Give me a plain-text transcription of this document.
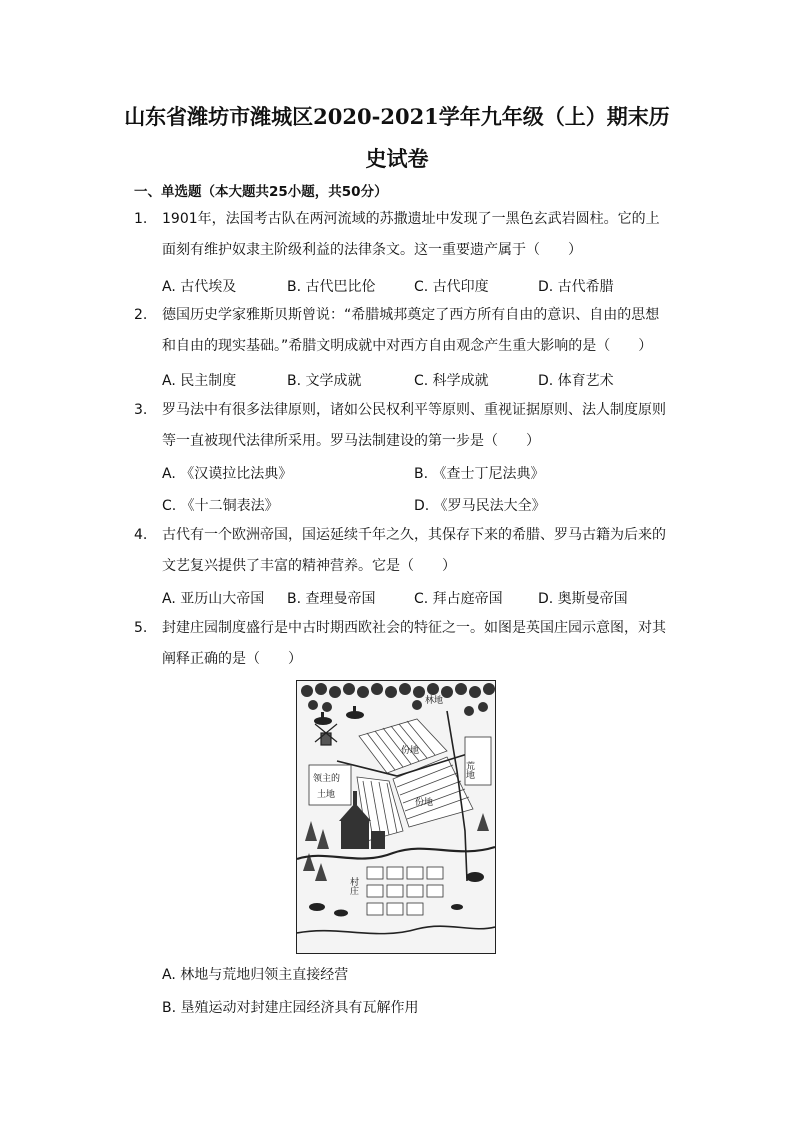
山东省潍坊市潍城区2020-2021学年九年级（上）期末历
史试卷
一、单选题（本大题共25小题，共50分）
1.	1901年，法国考古队在两河流域的苏撒遗址中发现了一黑色玄武岩圆柱。它的上
面刻有维护奴隶主阶级利益的法律条文。这一重要遗产属于（　　）
A. 古代埃及	B. 古代巴比伦	C. 古代印度	D. 古代希腊
2.	德国历史学家雅斯贝斯曾说：“希腊城邦奠定了西方所有自由的意识、自由的思想
和自由的现实基础。”希腊文明成就中对西方自由观念产生重大影响的是（　　）
A. 民主制度	B. 文学成就	C. 科学成就	D. 体育艺术
3.	罗马法中有很多法律原则，诸如公民权利平等原则、重视证据原则、法人制度原则
等一直被现代法律所采用。罗马法制建设的第一步是（　　）
A. 《汉谟拉比法典》	B. 《查士丁尼法典》
C. 《十二铜表法》	D. 《罗马民法大全》
4.	古代有一个欧洲帝国，国运延续千年之久，其保存下来的希腊、罗马古籍为后来的
文艺复兴提供了丰富的精神营养。它是（　　）
A. 亚历山大帝国 B. 查理曼帝国	C. 拜占庭帝国	D. 奥斯曼帝国
5.	封建庄园制度盛行是中古时期西欧社会的特征之一。如图是英国庄园示意图，对其
阐释正确的是（　　）
林地
荒地
领主的
土地
份地
份地
村庄
A. 林地与荒地归领主直接经营
B. 垦殖运动对封建庄园经济具有瓦解作用
